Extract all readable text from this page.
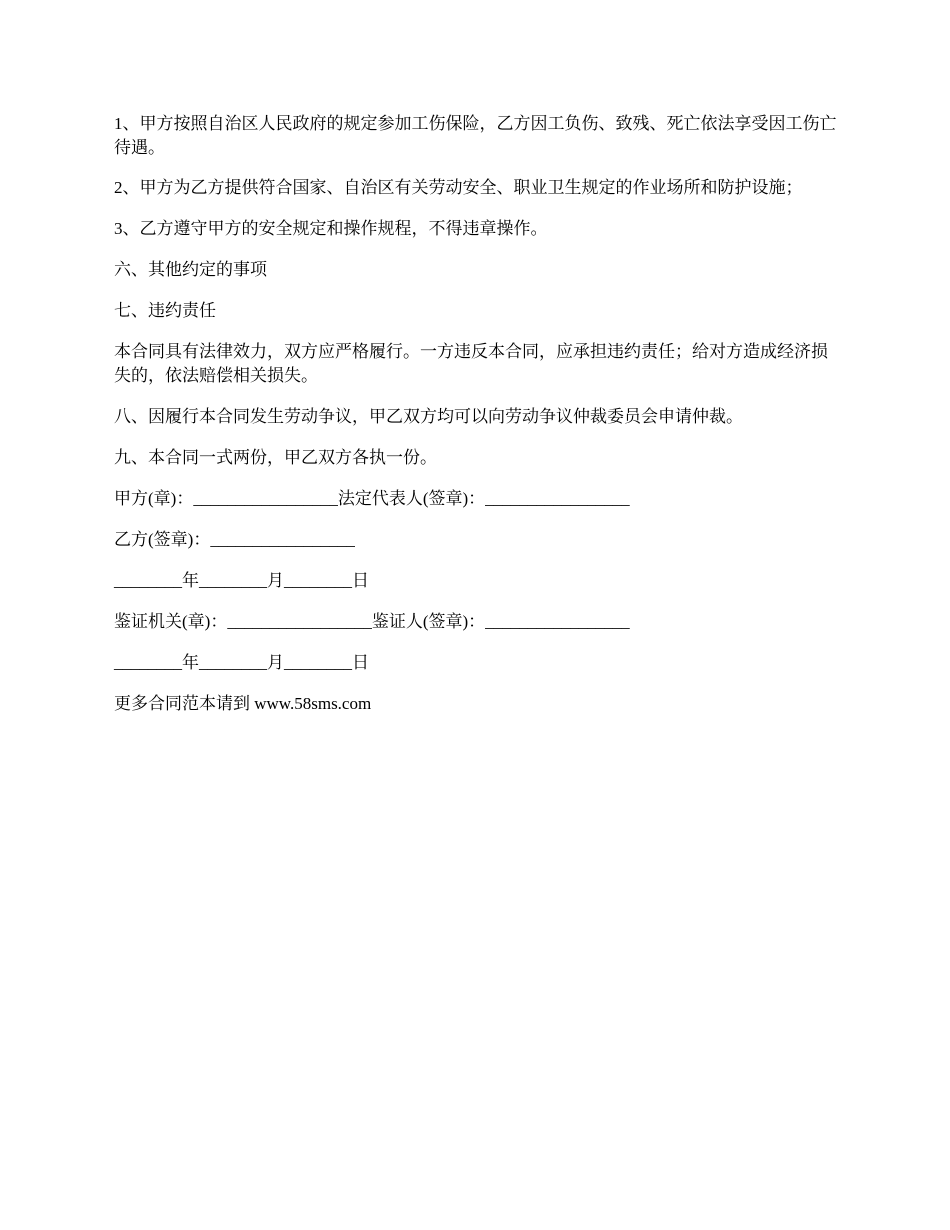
1、甲方按照自治区人民政府的规定参加工伤保险，乙方因工负伤、致残、死亡依法享受因工伤亡待遇。

2、甲方为乙方提供符合国家、自治区有关劳动安全、职业卫生规定的作业场所和防护设施；

3、乙方遵守甲方的安全规定和操作规程，不得违章操作。

六、其他约定的事项

七、违约责任

本合同具有法律效力，双方应严格履行。一方违反本合同，应承担违约责任；给对方造成经济损失的，依法赔偿相关损失。

八、因履行本合同发生劳动争议，甲乙双方均可以向劳动争议仲裁委员会申请仲裁。

九、本合同一式两份，甲乙双方各执一份。

甲方(章)：_________________法定代表人(签章)：_________________

乙方(签章)：_________________

________年________月________日

鉴证机关(章)：_________________鉴证人(签章)：_________________

________年________月________日

更多合同范本请到 www.58sms.com
